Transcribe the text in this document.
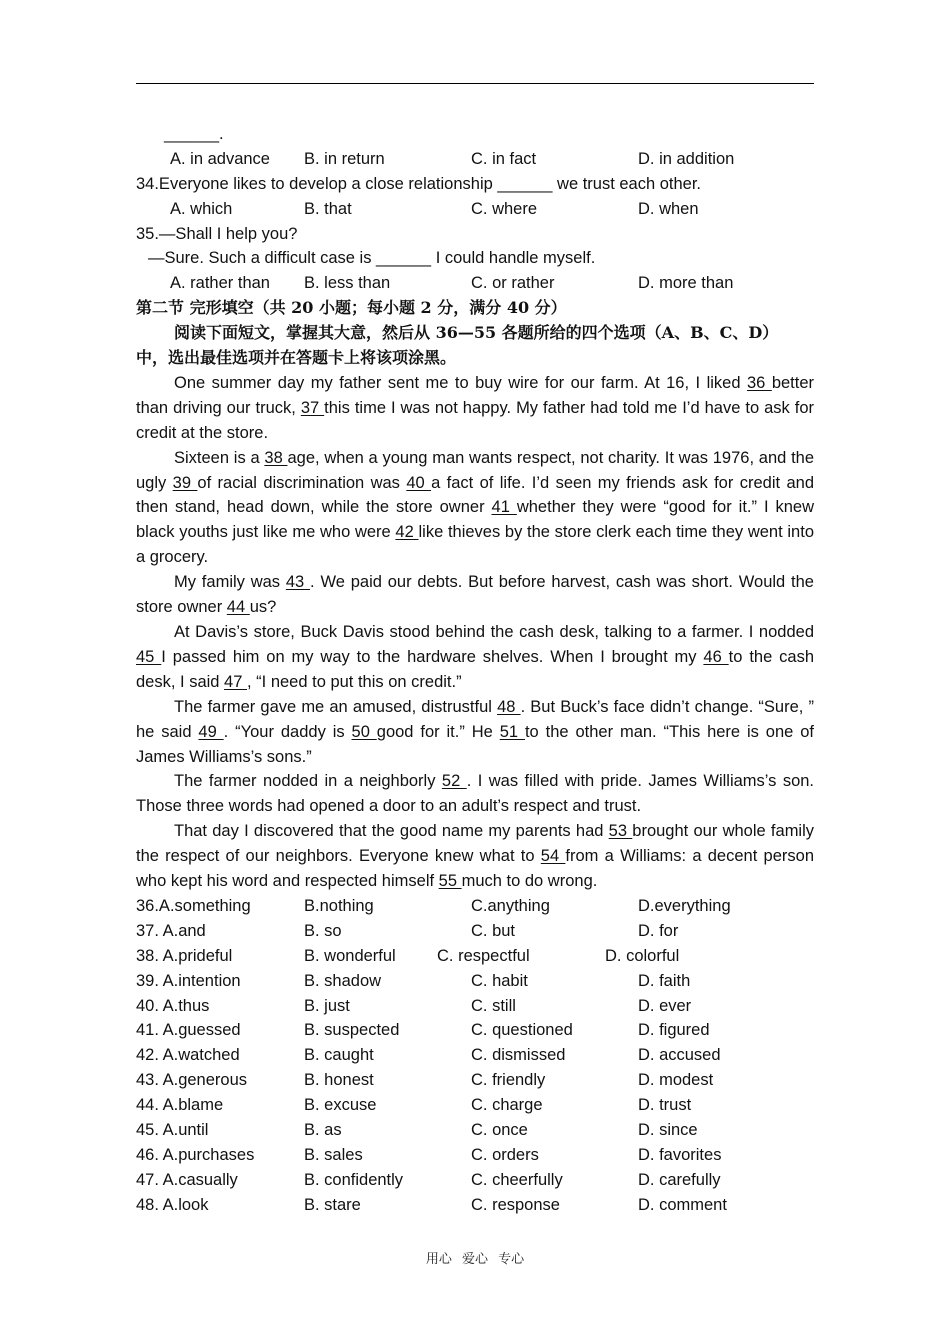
______.
A. in advance B. in return	C. in fact	D. in addition
34.Everyone likes to develop a close relationship ______ we trust each other.
A. which	B. that	C. where	D. when
35.—Shall I help you?
—Sure. Such a difficult case is ______ I could handle myself.
A. rather than B. less than	C. or rather	D. more than
第二节 完形填空（共 20 小题；每小题 2 分，满分 40 分）
阅读下面短文，掌握其大意，然后从 36—55 各题所给的四个选项（A、B、C、D）
中，选出最佳选项并在答题卡上将该项涂黑。
One summer day my father sent me to buy wire for our farm. At 16, I liked 36 better than driving our truck, 37 this time I was not happy. My father had told me I’d have to ask for credit at the store.
Sixteen is a 38 age, when a young man wants respect, not charity. It was 1976, and the ugly 39 of racial discrimination was 40 a fact of life. I’d seen my friends ask for credit and then stand, head down, while the store owner 41 whether they were “good for it.” I knew black youths just like me who were 42 like thieves by the store clerk each time they went into a grocery.
My family was 43 . We paid our debts. But before harvest, cash was short. Would the store owner 44 us?
At Davis’s store, Buck Davis stood behind the cash desk, talking to a farmer. I nodded 45 I passed him on my way to the hardware shelves. When I brought my 46 to the cash desk, I said 47 , “I need to put this on credit.”
The farmer gave me an amused, distrustful 48 . But Buck’s face didn’t change. “Sure, ” he said 49 . “Your daddy is 50 good for it.” He 51 to the other man. “This here is one of James Williams’s sons.”
The farmer nodded in a neighborly 52 . I was filled with pride. James Williams’s son. Those three words had opened a door to an adult’s respect and trust.
That day I discovered that the good name my parents had 53 brought our whole family the respect of our neighbors. Everyone knew what to 54 from a Williams: a decent person who kept his word and respected himself 55 much to do wrong.
36.A.something	B.nothing	C.anything	D.everything
37. A.and	B. so	C. but	D. for
38. A.prideful	B. wonderful	C. respectful	D. colorful
39. A.intention	B. shadow	C. habit	D. faith
40. A.thus	B. just	C. still	D. ever
41. A.guessed	B. suspected	C. questioned	D. figured
42. A.watched	B. caught	C. dismissed	D. accused
43. A.generous	B. honest	C. friendly	D. modest
44. A.blame	B. excuse	C. charge	D. trust
45. A.until	B. as	C. once	D. since
46. A.purchases	B. sales	C. orders	D. favorites
47. A.casually	B. confidently	C. cheerfully	D. carefully
48. A.look	B. stare	C. response	D. comment
用心 爱心 专心
